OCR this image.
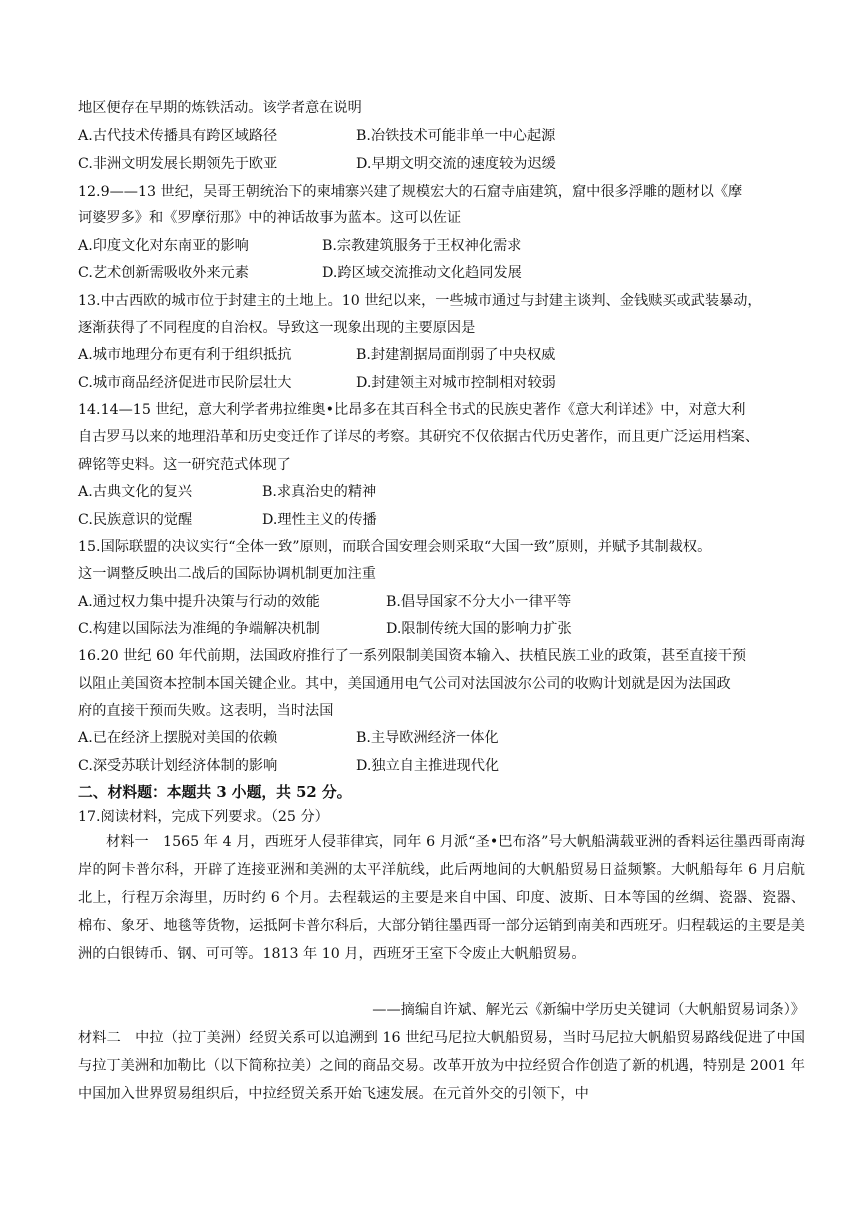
地区便存在早期的炼铁活动。该学者意在说明
A.古代技术传播具有跨区域路径	B.冶铁技术可能非单一中心起源
C.非洲文明发展长期领先于欧亚	D.早期文明交流的速度较为迟缓
12.9——13 世纪，吴哥王朝统治下的柬埔寨兴建了规模宏大的石窟寺庙建筑，窟中很多浮雕的题材以《摩
诃婆罗多》和《罗摩衍那》中的神话故事为蓝本。这可以佐证
A.印度文化对东南亚的影响	B.宗教建筑服务于王权神化需求
C.艺术创新需吸收外来元素	D.跨区域交流推动文化趋同发展
13.中古西欧的城市位于封建主的土地上。10 世纪以来，一些城市通过与封建主谈判、金钱赎买或武装暴动，
逐渐获得了不同程度的自治权。导致这一现象出现的主要原因是
A.城市地理分布更有利于组织抵抗	B.封建割据局面削弱了中央权威
C.城市商品经济促进市民阶层壮大	D.封建领主对城市控制相对较弱
14.14—15 世纪，意大利学者弗拉维奥•比昂多在其百科全书式的民族史著作《意大利详述》中，对意大利
自古罗马以来的地理沿革和历史变迁作了详尽的考察。其研究不仅依据古代历史著作，而且更广泛运用档案、
碑铭等史料。这一研究范式体现了
A.古典文化的复兴	B.求真治史的精神
C.民族意识的觉醒	D.理性主义的传播
15.国际联盟的决议实行“全体一致”原则，而联合国安理会则采取“大国一致”原则，并赋予其制裁权。
这一调整反映出二战后的国际协调机制更加注重
A.通过权力集中提升决策与行动的效能	B.倡导国家不分大小一律平等
C.构建以国际法为准绳的争端解决机制	D.限制传统大国的影响力扩张
16.20 世纪 60 年代前期，法国政府推行了一系列限制美国资本输入、扶植民族工业的政策，甚至直接干预
以阻止美国资本控制本国关键企业。其中，美国通用电气公司对法国波尔公司的收购计划就是因为法国政
府的直接干预而失败。这表明，当时法国
A.已在经济上摆脱对美国的依赖	B.主导欧洲经济一体化
C.深受苏联计划经济体制的影响	D.独立自主推进现代化
二、材料题：本题共 3 小题，共 52 分。
17.阅读材料，完成下列要求。（25 分）
材料一　1565 年 4 月，西班牙人侵菲律宾，同年 6 月派“圣•巴布洛”号大帆船满载亚洲的香料运往墨西哥南海岸的阿卡普尔科，开辟了连接亚洲和美洲的太平洋航线，此后两地间的大帆船贸易日益频繁。大帆船每年 6 月启航北上，行程万余海里，历时约 6 个月。去程载运的主要是来自中国、印度、波斯、日本等国的丝绸、瓷器、瓷器、棉布、象牙、地毯等货物，运抵阿卡普尔科后，大部分销往墨西哥一部分运销到南美和西班牙。归程载运的主要是美洲的白银铸币、钢、可可等。1813 年 10 月，西班牙王室下令废止大帆船贸易。
——摘编自许斌、解光云《新编中学历史关键词（大帆船贸易词条）》
材料二　中拉（拉丁美洲）经贸关系可以追溯到 16 世纪马尼拉大帆船贸易，当时马尼拉大帆船贸易路线促进了中国与拉丁美洲和加勒比（以下简称拉美）之间的商品交易。改革开放为中拉经贸合作创造了新的机遇，特别是 2001 年中国加入世界贸易组织后，中拉经贸关系开始飞速发展。在元首外交的引领下，中
